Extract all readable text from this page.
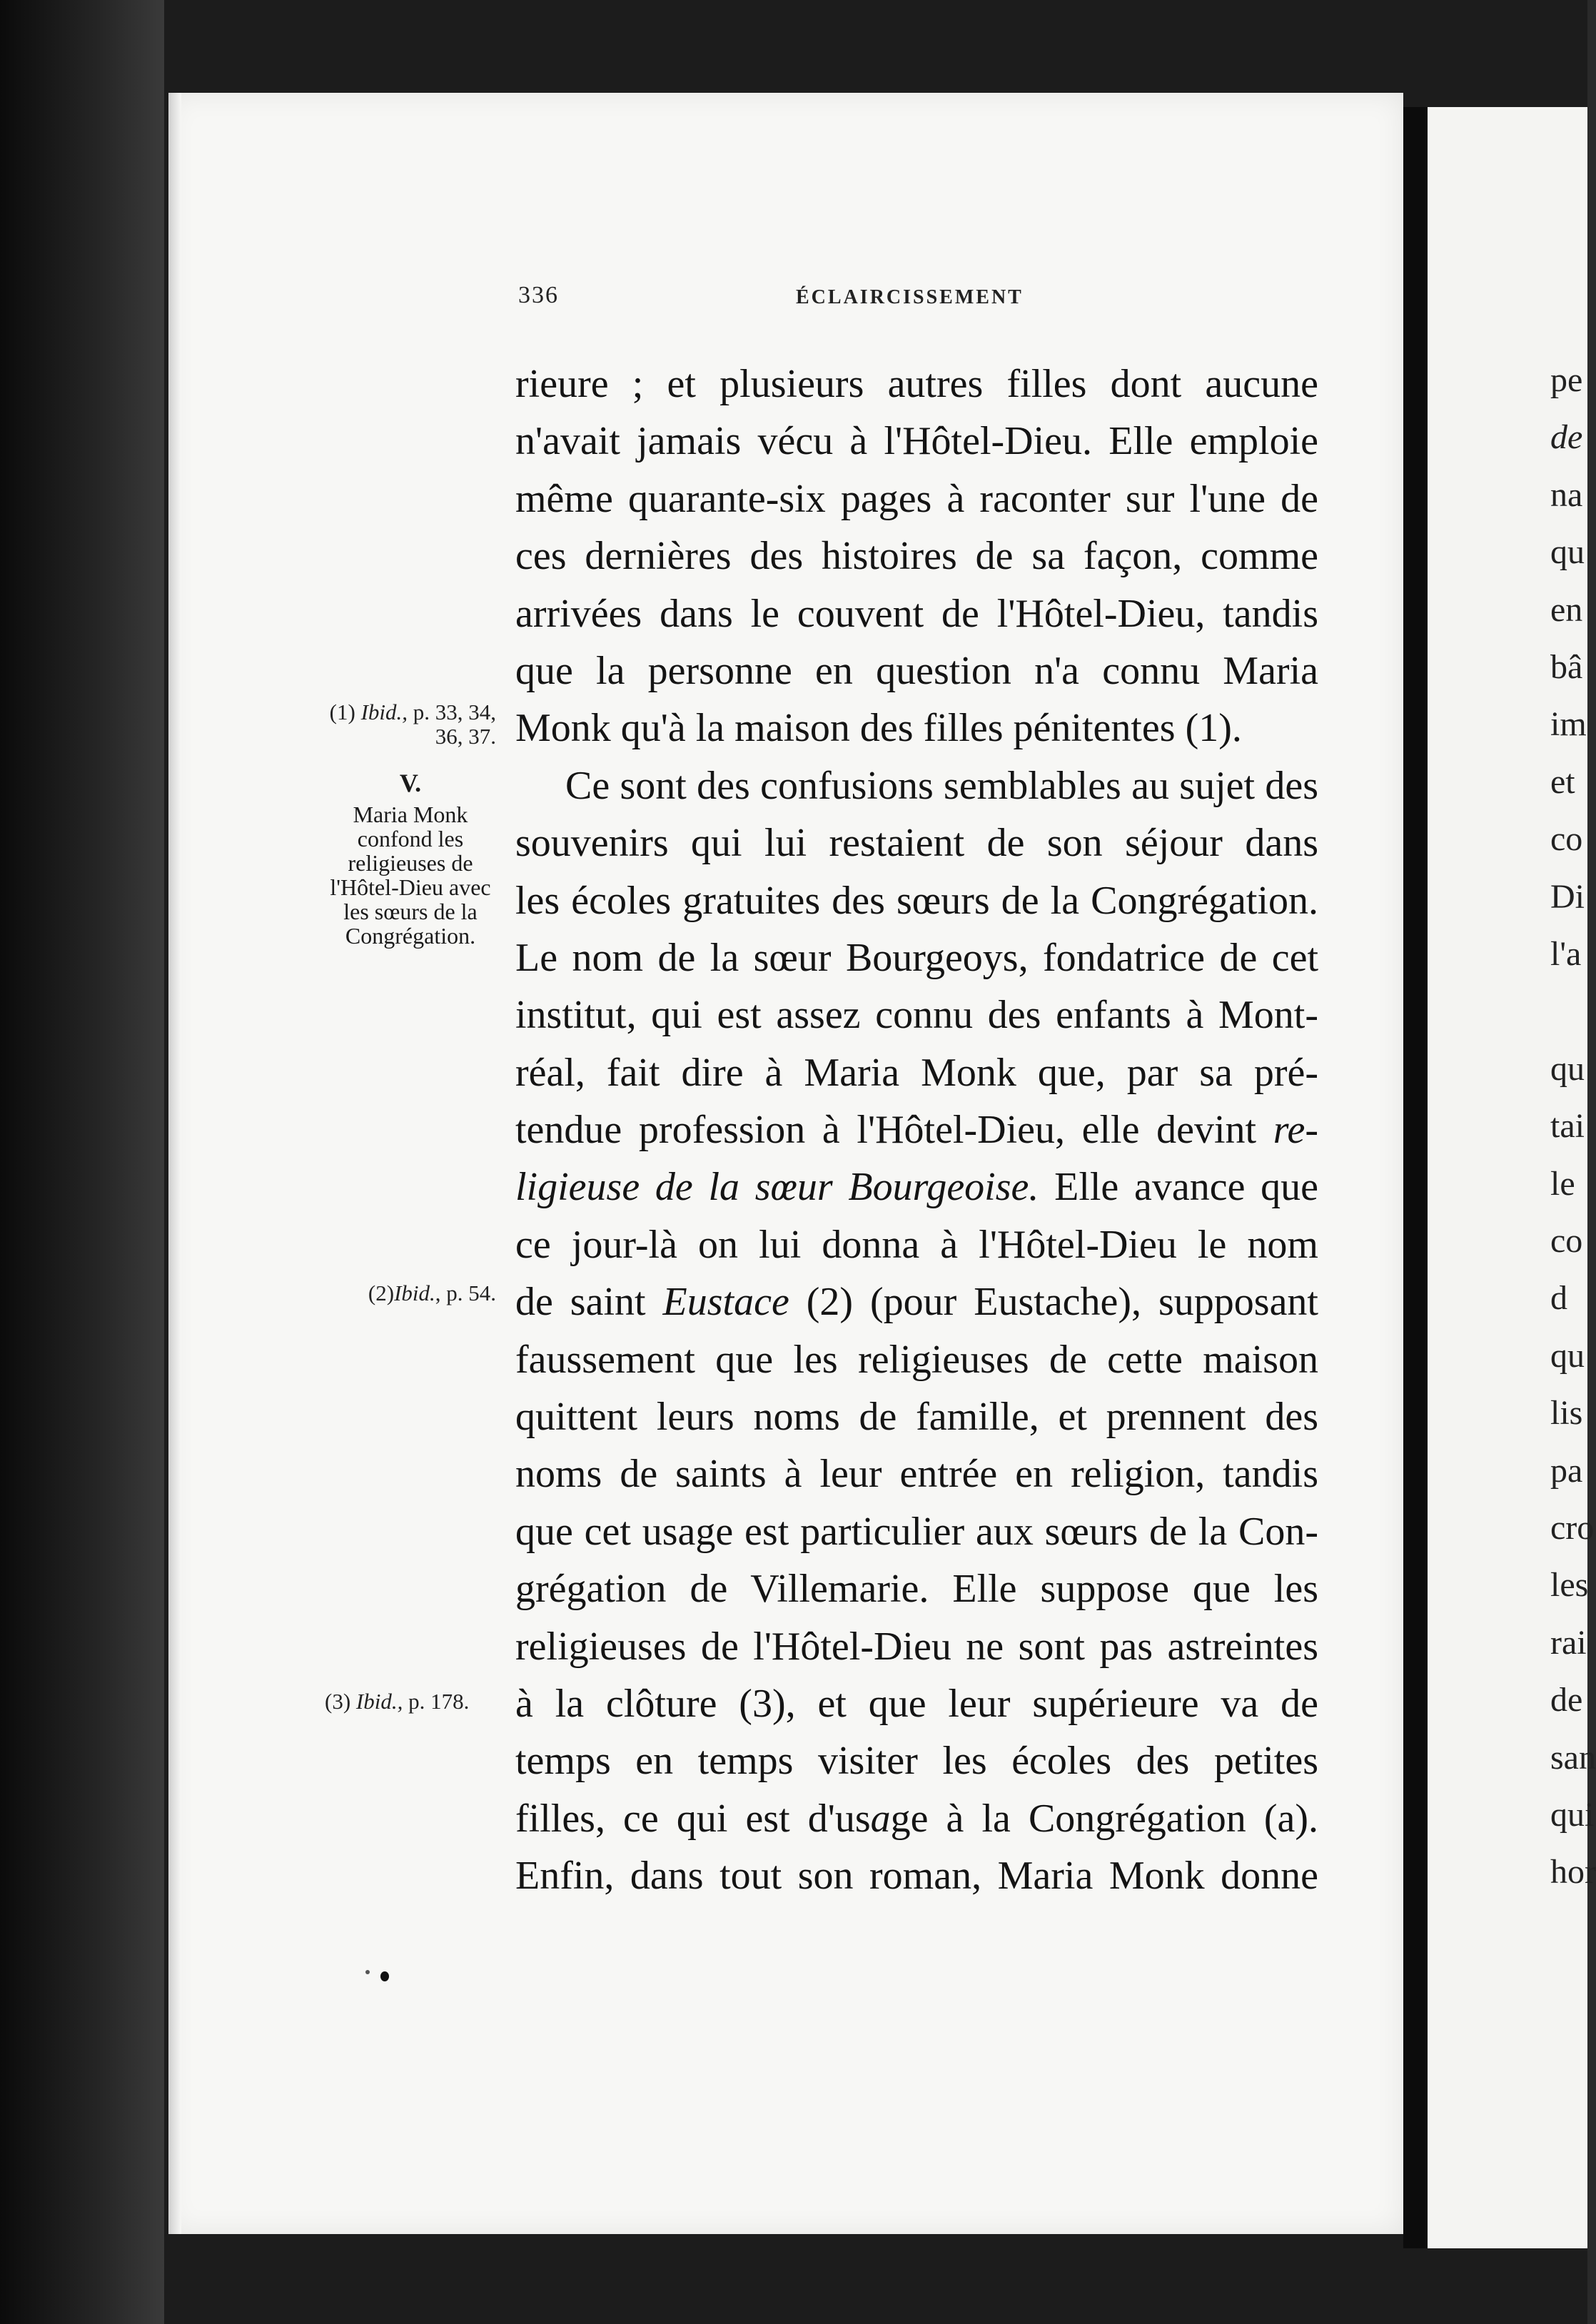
pe
de
na
qu
en
bâ
im
et
co
Di
l'a
qu
tai
le
co
d
qu
lis
pa
cro
les
rai
de
san
qui
hor
336	ÉCLAIRCISSEMENT
rieure ; et plusieurs autres filles dont aucune
n'avait jamais vécu à l'Hôtel-Dieu. Elle emploie
même quarante-six pages à raconter sur l'une de
ces dernières des histoires de sa façon, comme
arrivées dans le couvent de l'Hôtel-Dieu, tandis
que la personne en question n'a connu Maria
Monk qu'à la maison des filles pénitentes (1).
Ce sont des confusions semblables au sujet des
souvenirs qui lui restaient de son séjour dans
les écoles gratuites des sœurs de la Congrégation.
Le nom de la sœur Bourgeoys, fondatrice de cet
institut, qui est assez connu des enfants à Mont-
réal, fait dire à Maria Monk que, par sa pré-
tendue profession à l'Hôtel-Dieu, elle devint re-
ligieuse de la sœur Bourgeoise. Elle avance que
ce jour-là on lui donna à l'Hôtel-Dieu le nom
de saint Eustace (2) (pour Eustache), supposant
faussement que les religieuses de cette maison
quittent leurs noms de famille, et prennent des
noms de saints à leur entrée en religion, tandis
que cet usage est particulier aux sœurs de la Con-
grégation de Villemarie. Elle suppose que les
religieuses de l'Hôtel-Dieu ne sont pas astreintes
à la clôture (3), et que leur supérieure va de
temps en temps visiter les écoles des petites
filles, ce qui est d'usage à la Congrégation (a).
Enfin, dans tout son roman, Maria Monk donne
(1) Ibid., p. 33, 34, 36, 37.
V.
Maria Monk confond les religieuses de l'Hôtel-Dieu avec les sœurs de la Congrégation.
(2)Ibid., p. 54.
(3) Ibid., p. 178.
